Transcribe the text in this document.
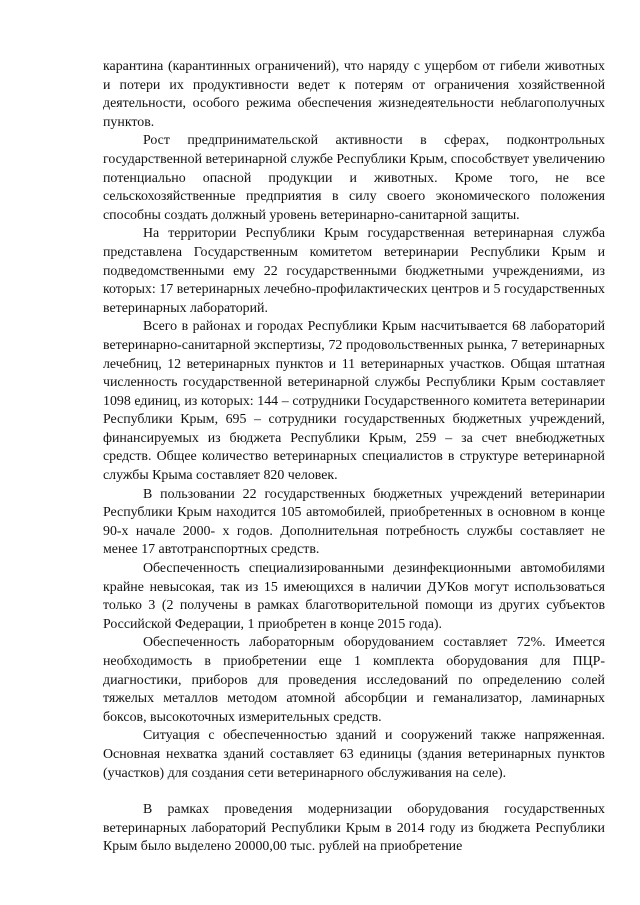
карантина (карантинных ограничений), что наряду с ущербом от гибели животных и потери их продуктивности ведет к потерям от ограничения хозяйственной деятельности, особого режима обеспечения жизнедеятельности неблагополучных пунктов.

Рост предпринимательской активности в сферах, подконтрольных государственной ветеринарной службе Республики Крым, способствует увеличению потенциально опасной продукции и животных. Кроме того, не все сельскохозяйственные предприятия в силу своего экономического положения способны создать должный уровень ветеринарно-санитарной защиты.

На территории Республики Крым государственная ветеринарная служба представлена Государственным комитетом ветеринарии Республики Крым и подведомственными ему 22 государственными бюджетными учреждениями, из которых: 17 ветеринарных лечебно-профилактических центров и 5 государственных ветеринарных лабораторий.

Всего в районах и городах Республики Крым насчитывается 68 лабораторий ветеринарно-санитарной экспертизы, 72 продовольственных рынка, 7 ветеринарных лечебниц, 12 ветеринарных пунктов и 11 ветеринарных участков. Общая штатная численность государственной ветеринарной службы Республики Крым составляет 1098 единиц, из которых: 144 – сотрудники Государственного комитета ветеринарии Республики Крым, 695 – сотрудники государственных бюджетных учреждений, финансируемых из бюджета Республики Крым, 259 – за счет внебюджетных средств. Общее количество ветеринарных специалистов в структуре ветеринарной службы Крыма составляет 820 человек.

В пользовании 22 государственных бюджетных учреждений ветеринарии Республики Крым находится 105 автомобилей, приобретенных в основном в конце 90-х начале 2000- х годов. Дополнительная потребность службы составляет не менее 17 автотранспортных средств.

Обеспеченность специализированными дезинфекционными автомобилями крайне невысокая, так из 15 имеющихся в наличии ДУКов могут использоваться только 3 (2 получены в рамках благотворительной помощи из других субъектов Российской Федерации, 1 приобретен в конце 2015 года).

Обеспеченность лабораторным оборудованием составляет 72%. Имеется необходимость в приобретении еще 1 комплекта оборудования для ПЦР-диагностики, приборов для проведения исследований по определению солей тяжелых металлов методом атомной абсорбции и геманализатор, ламинарных боксов, высокоточных измерительных средств.

Ситуация с обеспеченностью зданий и сооружений также напряженная. Основная нехватка зданий составляет 63 единицы (здания ветеринарных пунктов (участков) для создания сети ветеринарного обслуживания на селе).

В рамках проведения модернизации оборудования государственных ветеринарных лабораторий Республики Крым в 2014 году из бюджета Республики Крым было выделено 20000,00 тыс. рублей на приобретение
